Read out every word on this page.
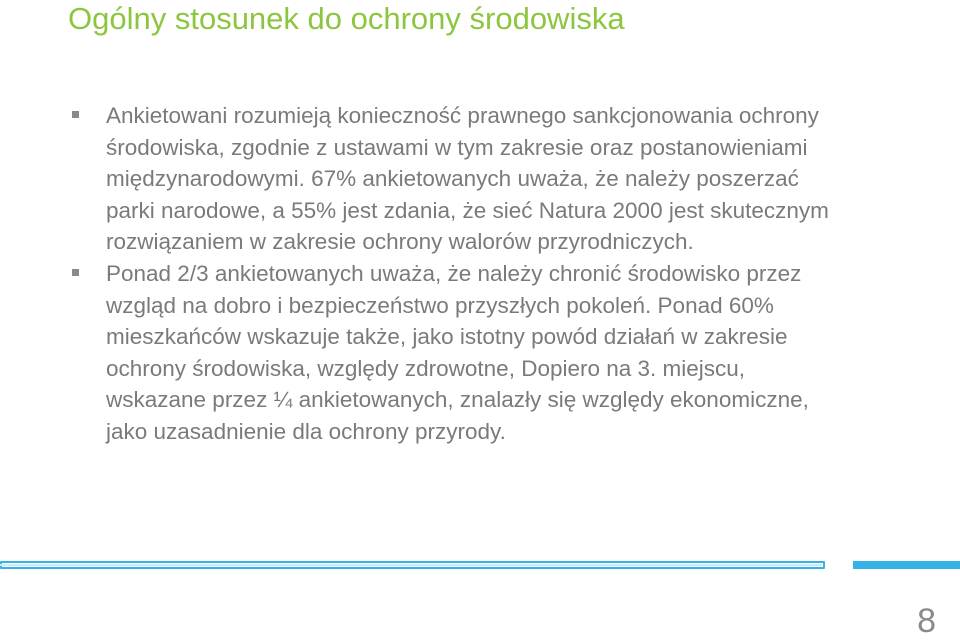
Ogólny stosunek do ochrony środowiska
Ankietowani rozumieją konieczność prawnego sankcjonowania ochrony środowiska, zgodnie z ustawami w tym zakresie oraz postanowieniami międzynarodowymi. 67% ankietowanych uważa, że należy poszerzać parki narodowe, a 55% jest zdania, że sieć Natura 2000 jest skutecznym rozwiązaniem w zakresie ochrony walorów przyrodniczych.
Ponad 2/3 ankietowanych uważa, że należy chronić środowisko przez wzgląd na dobro i bezpieczeństwo przyszłych pokoleń. Ponad 60% mieszkańców wskazuje także, jako istotny powód działań w zakresie ochrony środowiska, względy zdrowotne, Dopiero na 3. miejscu, wskazane przez ¼ ankietowanych, znalazły się względy ekonomiczne, jako uzasadnienie dla ochrony przyrody.
8
